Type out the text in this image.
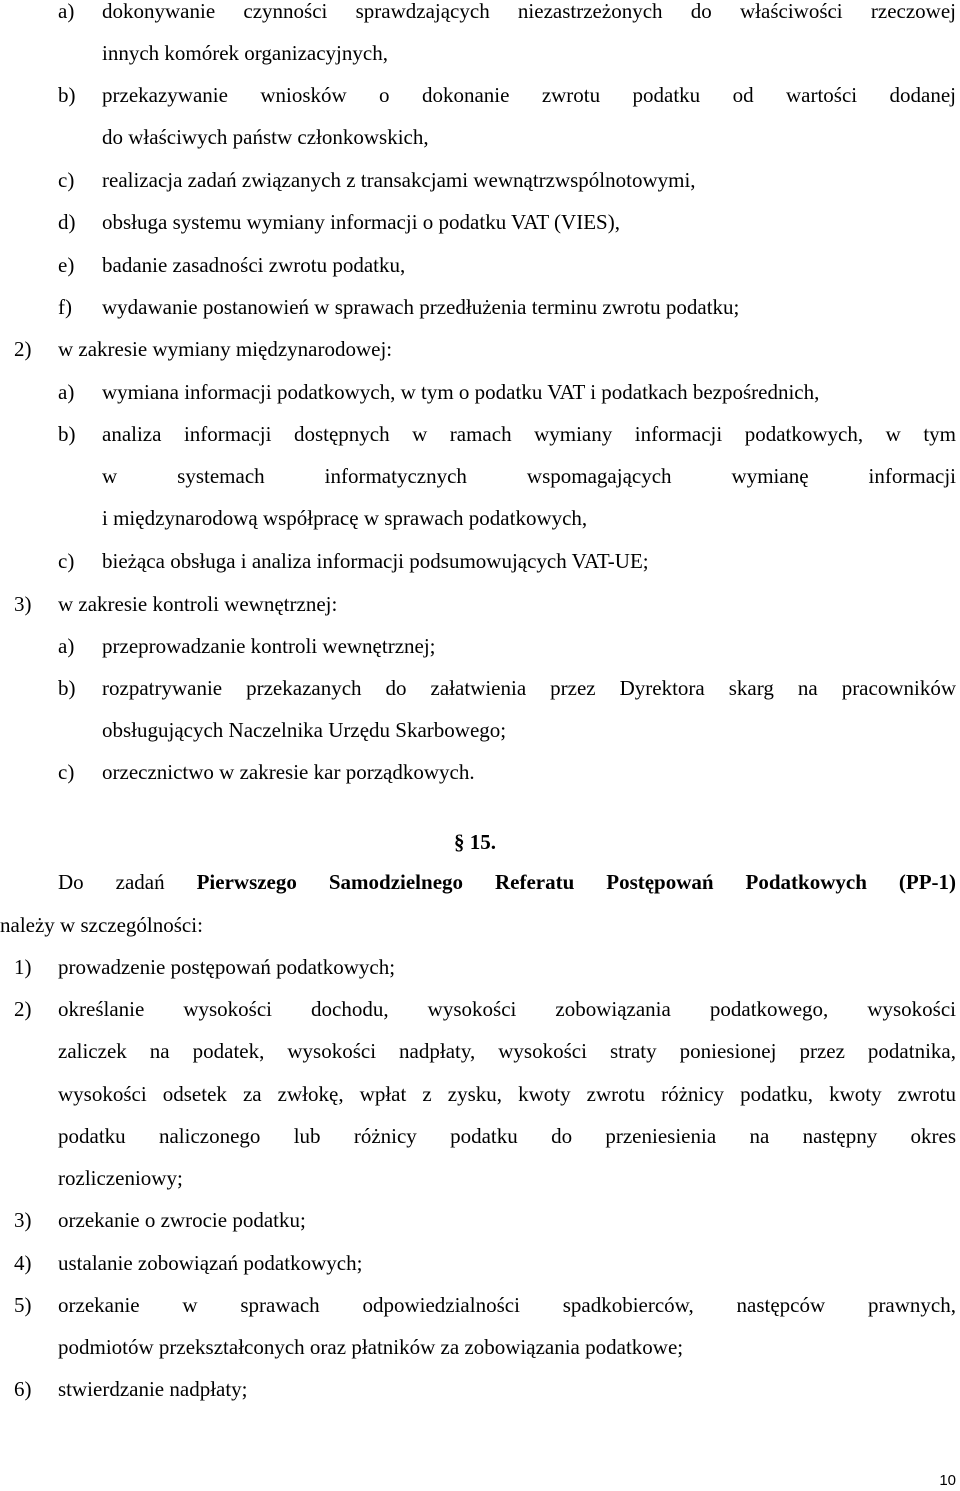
a) dokonywanie czynności sprawdzających niezastrzeżonych do właściwości rzeczowej
innych komórek organizacyjnych,
b) przekazywanie wniosków o dokonanie zwrotu podatku od wartości dodanej
do właściwych państw członkowskich,
c) realizacja zadań związanych z transakcjami wewnątrzwspólnotowymi,
d) obsługa systemu wymiany informacji o podatku VAT (VIES),
e) badanie zasadności zwrotu podatku,
f) wydawanie postanowień w sprawach przedłużenia terminu zwrotu podatku;
2) w zakresie wymiany międzynarodowej:
a) wymiana informacji podatkowych, w tym o podatku VAT i podatkach bezpośrednich,
b) analiza informacji dostępnych w ramach wymiany informacji podatkowych, w tym
w systemach informatycznych wspomagających wymianę informacji
i międzynarodową współpracę w sprawach podatkowych,
c) bieżąca obsługa i analiza informacji podsumowujących VAT-UE;
3) w zakresie kontroli wewnętrznej:
a) przeprowadzanie kontroli wewnętrznej;
b) rozpatrywanie przekazanych do załatwienia przez Dyrektora skarg na pracowników
obsługujących Naczelnika Urzędu Skarbowego;
c) orzecznictwo w zakresie kar porządkowych.
§ 15.
Do zadań Pierwszego Samodzielnego Referatu Postępowań Podatkowych (PP-1)
należy w szczególności:
1) prowadzenie postępowań podatkowych;
2) określanie wysokości dochodu, wysokości zobowiązania podatkowego, wysokości
zaliczek na podatek, wysokości nadpłaty, wysokości straty poniesionej przez podatnika,
wysokości odsetek za zwłokę, wpłat z zysku, kwoty zwrotu różnicy podatku, kwoty zwrotu
podatku naliczonego lub różnicy podatku do przeniesienia na następny okres
rozliczeniowy;
3) orzekanie o zwrocie podatku;
4) ustalanie zobowiązań podatkowych;
5) orzekanie w sprawach odpowiedzialności spadkobierców, następców prawnych,
podmiotów przekształconych oraz płatników za zobowiązania podatkowe;
6) stwierdzanie nadpłaty;
10
